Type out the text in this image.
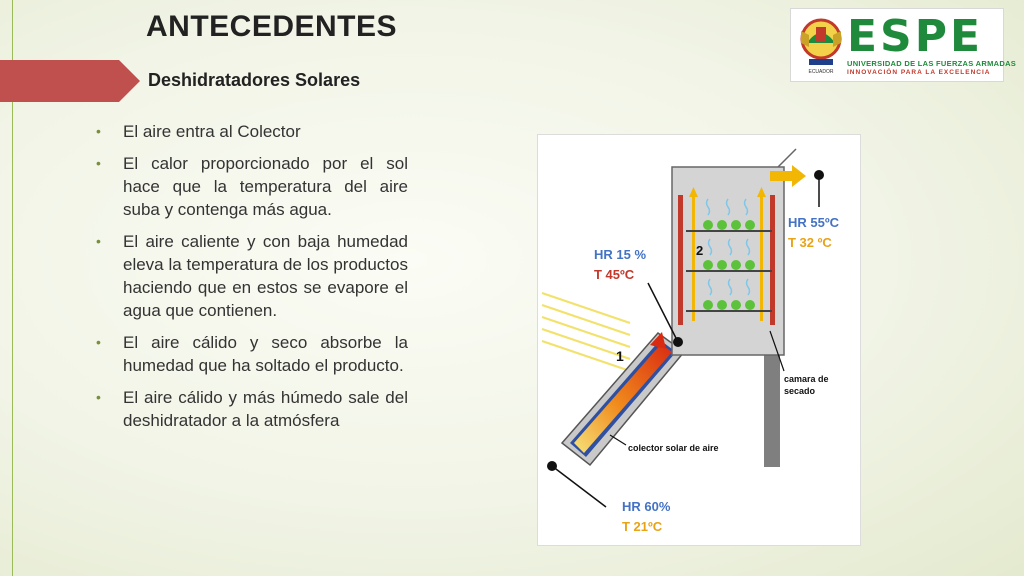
ANTECEDENTES
Deshidratadores Solares	ECUADOR
ESPE
UNIVERSIDAD DE LAS FUERZAS ARMADAS
INNOVACIÓN PARA LA EXCELENCIA
• El aire entra al Colector
• El calor proporcionado por el sol hace que la temperatura del aire suba y contenga más agua.
• El aire caliente y con baja humedad eleva la temperatura de los productos haciendo que en estos se evapore el agua que contienen.
• El aire cálido y seco absorbe la humedad que ha soltado el producto.
• El aire cálido y más húmedo sale del deshidratador a la atmósfera
HR 55ºC
T 32 ºC
HR 15 %
T 45ºC
1
2
camara de
secado
colector solar de aire
HR 60%
T 21ºC
